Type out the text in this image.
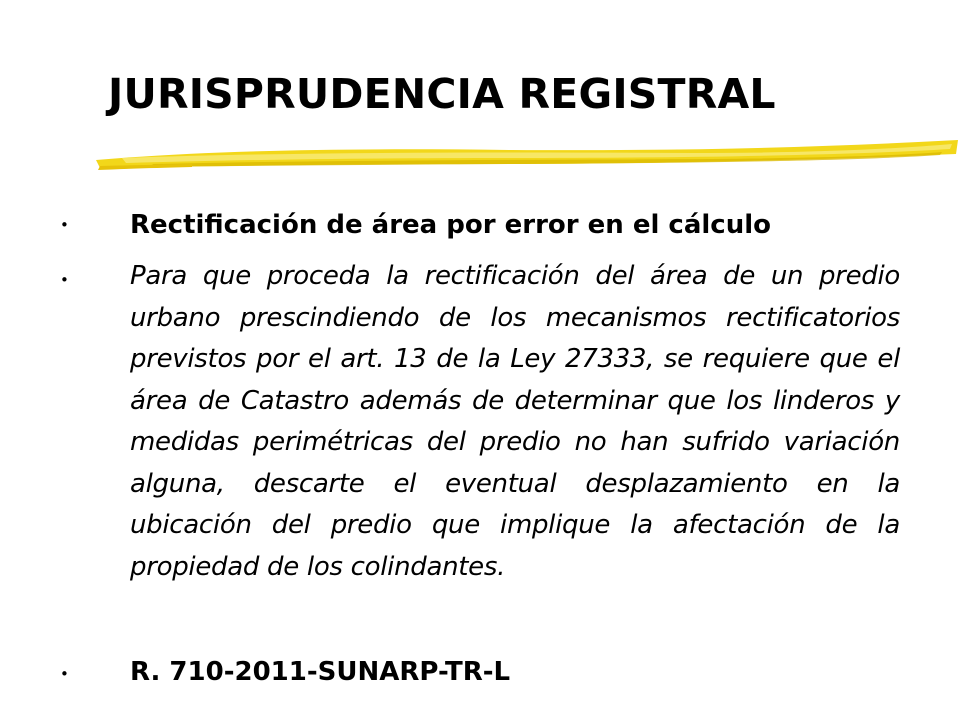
JURISPRUDENCIA REGISTRAL
• Rectificación de área por error en el cálculo
• Para que proceda la rectificación del área de un predio urbano prescindiendo de los mecanismos rectificatorios previstos por el art. 13 de la Ley 27333, se requiere que el área de Catastro además de determinar que los linderos y medidas perimétricas del predio no han sufrido variación alguna, descarte el eventual desplazamiento en la ubicación del predio que implique la afectación de la propiedad de los colindantes.
• R. 710-2011-SUNARP-TR-L
